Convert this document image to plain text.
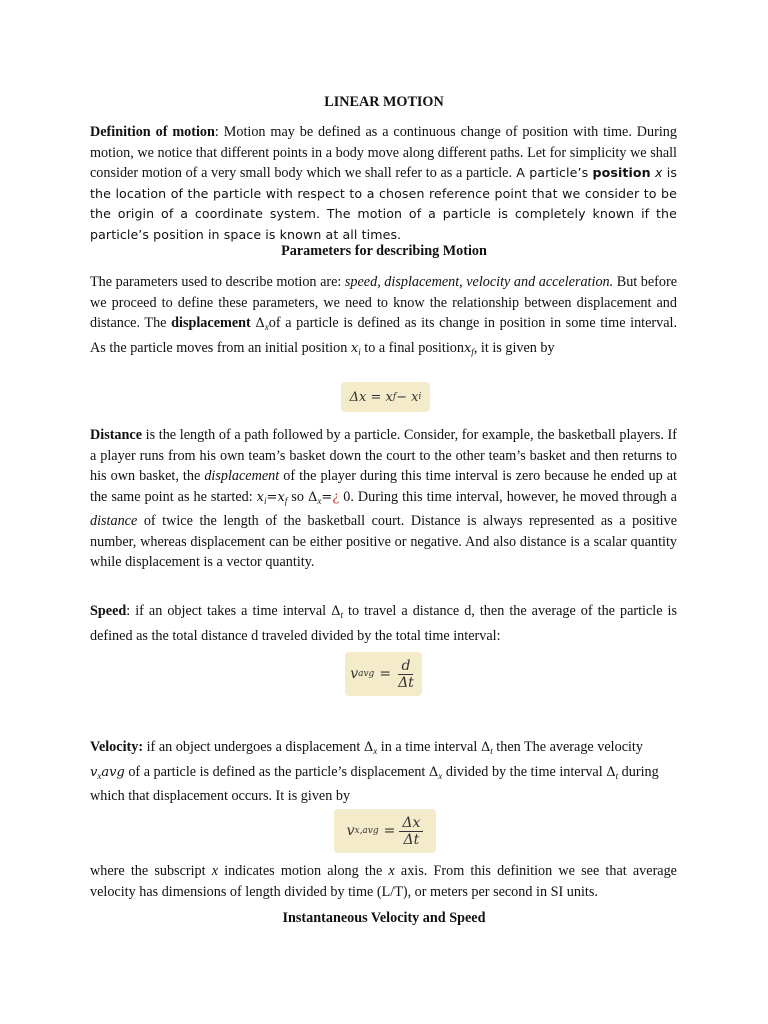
LINEAR MOTION
Definition of motion: Motion may be defined as a continuous change of position with time. During motion, we notice that different points in a body move along different paths. Let for simplicity we shall consider motion of a very small body which we shall refer to as a particle. A particle’s position x is the location of the particle with respect to a chosen reference point that we consider to be the origin of a coordinate system. The motion of a particle is completely known if the particle’s position in space is known at all times.
Parameters for describing Motion
The parameters used to describe motion are: speed, displacement, velocity and acceleration. But before we proceed to define these parameters, we need to know the relationship between displacement and distance. The displacement $\Delta_xof$ a particle is defined as its change in position in some time interval. As the particle moves from an initial position $x_i$ to a final positionx$_f$, it is given by
Δx = x f − x i
Distance is the length of a path followed by a particle. Consider, for example, the basketball players. If a player runs from his own team’s basket down the court to the other team’s basket and then returns to his own basket, the displacement of the player during this time interval is zero because he ended up at the same point as he started: $x_i=x_f$ so $\Delta_x=¿$ 0. During this time interval, however, he moved through a distance of twice the length of the basketball court. Distance is always represented as a positive number, whereas displacement can be either positive or negative. And also distance is a scalar quantity while displacement is a vector quantity.
Speed: if an object takes a time interval $\Delta_t$ to travel a distance d, then the average of the particle is defined as the total distance d traveled divided by the total time interval:
v avg = $\frac{d}{\Delta t}$
Velocity: if an object undergoes a displacement $\Delta_x$ in a time interval $\Delta_t$ then The average velocity $v_xavg$ of a particle is defined as the particle’s displacement $\Delta_x$ divided by the time interval $\Delta_t$ during which that displacement occurs. It is given by
v $x,avg = \frac{\Delta x}{\Delta t}$
where the subscript x indicates motion along the x axis. From this definition we see that average velocity has dimensions of length divided by time (L/T), or meters per second in SI units.
Instantaneous Velocity and Speed
